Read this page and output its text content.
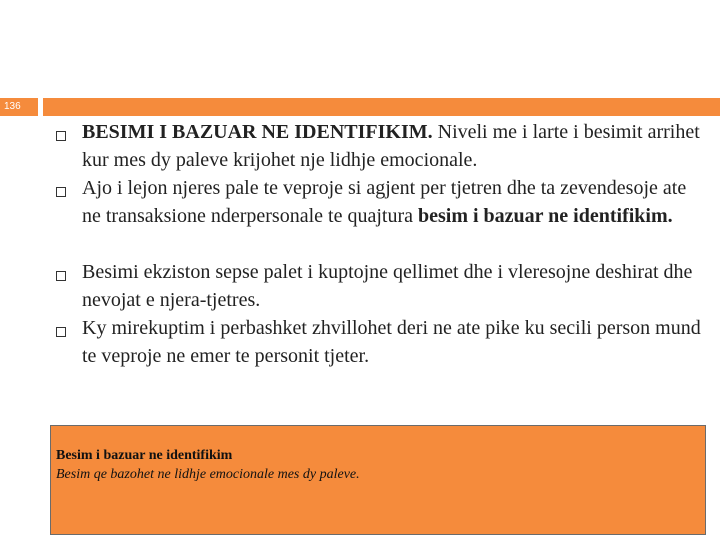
136
BESIMI I BAZUAR NE IDENTIFIKIM. Niveli me i larte i besimit arrihet kur mes dy paleve krijohet nje lidhje emocionale.
Ajo i lejon njeres pale te veproje si agjent per tjetren dhe ta zevendesoje ate ne transaksione nderpersonale te quajtura besim i bazuar ne identifikim.
Besimi ekziston sepse palet i kuptojne qellimet dhe i vleresojne deshirat dhe nevojat e njera-tjetres.
Ky mirekuptim i perbashket zhvillohet deri ne ate pike ku secili person mund te veproje ne emer te personit tjeter.
Besim i bazuar ne identifikim
Besim qe bazohet ne lidhje emocionale mes dy paleve.
